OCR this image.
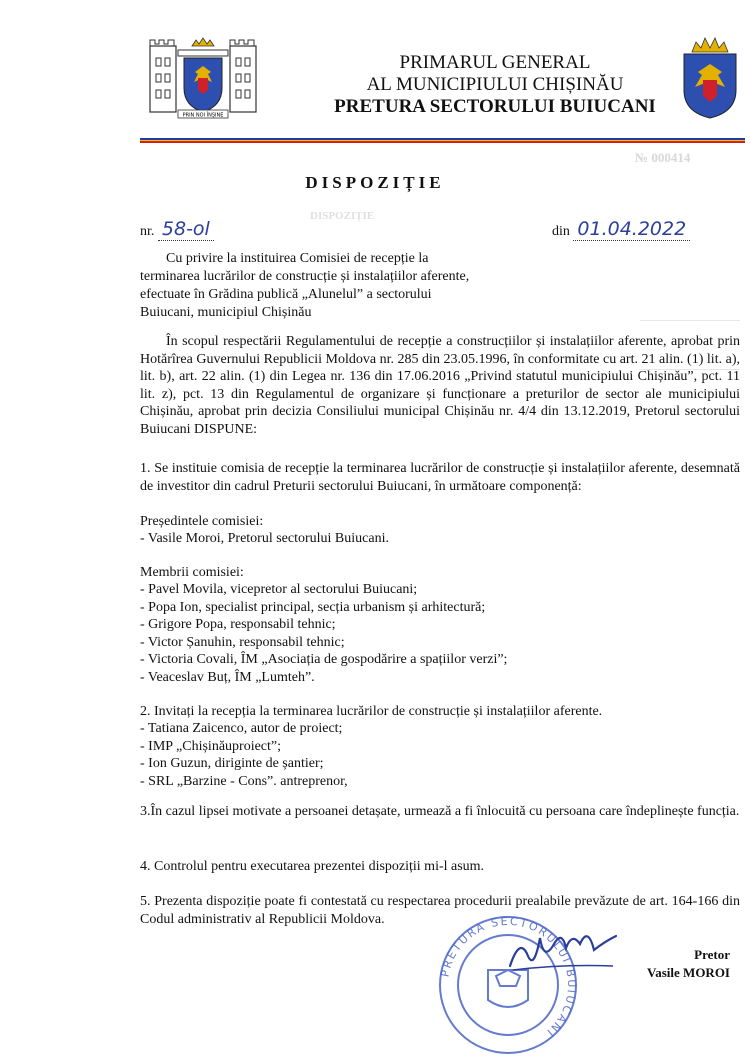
PRIN NOI ÎNȘINE
PRIMARUL GENERAL
AL MUNICIPIULUI CHIȘINĂU
PRETURA SECTORULUI BUIUCANI
№ 000414
DISPOZIȚIE
DISPOZIȚIE
nr. 58-ol	din 01.04.2022
Cu privire la instituirea Comisiei de recepție la terminarea lucrărilor de construcție și instalațiilor aferente, efectuate în Grădina publică „Alunelul” a sectorului Buiucani, municipiul Chișinău
În scopul respectării Regulamentului de recepție a construcțiilor și instalațiilor aferente, aprobat prin Hotărîrea Guvernului Republicii Moldova nr. 285 din 23.05.1996, în conformitate cu art. 21 alin. (1) lit. a), lit. b), art. 22 alin. (1) din Legea nr. 136 din 17.06.2016 „Privind statutul municipiului Chișinău”, pct. 11 lit. z), pct. 13 din Regulamentul de organizare și funcționare a preturilor de sector ale municipiului Chișinău, aprobat prin decizia Consiliului municipal Chișinău nr. 4/4 din 13.12.2019, Pretorul sectorului Buiucani DISPUNE:
1. Se instituie comisia de recepție la terminarea lucrărilor de construcție și instalațiilor aferente, desemnată de investitor din cadrul Preturii sectorului Buiucani, în următoare componență:
Președintele comisiei:
- Vasile Moroi, Pretorul sectorului Buiucani.
Membrii comisiei:
- Pavel Movila, vicepretor al sectorului Buiucani;
- Popa Ion, specialist principal, secția urbanism și arhitectură;
- Grigore Popa, responsabil tehnic;
- Victor Șanuhin, responsabil tehnic;
- Victoria Covali, ÎM „Asociația de gospodărire a spațiilor verzi”;
- Veaceslav Buț, ÎM „Lumteh”.
2. Invitați la recepția la terminarea lucrărilor de construcție și instalațiilor aferente.
- Tatiana Zaicenco, autor de proiect;
- IMP „Chișinăuproiect”;
- Ion Guzun, diriginte de șantier;
- SRL „Barzine - Cons”. antreprenor,
3.În cazul lipsei motivate a persoanei detașate, urmează a fi înlocuită cu persoana care îndeplinește funcția.
4. Controlul pentru executarea prezentei dispoziții mi-l asum.
5. Prezenta dispoziție poate fi contestată cu respectarea procedurii prealabile prevăzute de art. 164-166 din Codul administrativ al Republicii Moldova.
PRETURA SECTORULUI BUIUCANI
Pretor
Vasile MOROI
